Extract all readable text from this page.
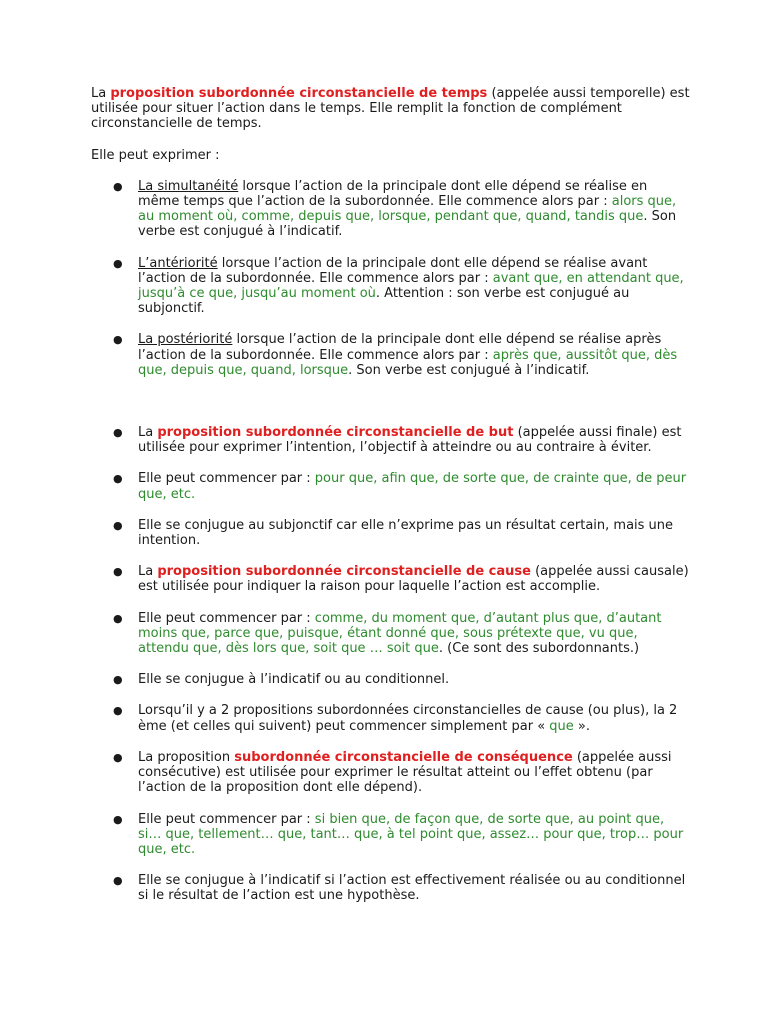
La proposition subordonnée circonstancielle de temps (appelée aussi temporelle) est utilisée pour situer l’action dans le temps. Elle remplit la fonction de complément circonstancielle de temps.

Elle peut exprimer :

● La simultanéité lorsque l’action de la principale dont elle dépend se réalise en même temps que l’action de la subordonnée. Elle commence alors par : alors que, au moment où, comme, depuis que, lorsque, pendant que, quand, tandis que. Son verbe est conjugué à l’indicatif.
● L’antériorité lorsque l’action de la principale dont elle dépend se réalise avant l’action de la subordonnée. Elle commence alors par : avant que, en attendant que, jusqu’à ce que, jusqu’au moment où. Attention : son verbe est conjugué au subjonctif.
● La postériorité lorsque l’action de la principale dont elle dépend se réalise après l’action de la subordonnée. Elle commence alors par : après que, aussitôt que, dès que, depuis que, quand, lorsque. Son verbe est conjugué à l’indicatif.
● La proposition subordonnée circonstancielle de but (appelée aussi finale) est utilisée pour exprimer l’intention, l’objectif à atteindre ou au contraire à éviter.
● Elle peut commencer par : pour que, afin que, de sorte que, de crainte que, de peur que, etc.
● Elle se conjugue au subjonctif car elle n’exprime pas un résultat certain, mais une intention.
● La proposition subordonnée circonstancielle de cause (appelée aussi causale) est utilisée pour indiquer la raison pour laquelle l’action est accomplie.
● Elle peut commencer par : comme, du moment que, d’autant plus que, d’autant moins que, parce que, puisque, étant donné que, sous prétexte que, vu que, attendu que, dès lors que, soit que … soit que. (Ce sont des subordonnants.)
● Elle se conjugue à l’indicatif ou au conditionnel.
● Lorsqu’il y a 2 propositions subordonnées circonstancielles de cause (ou plus), la 2 ème (et celles qui suivent) peut commencer simplement par « que ».
● La proposition subordonnée circonstancielle de conséquence (appelée aussi consécutive) est utilisée pour exprimer le résultat atteint ou l’effet obtenu (par l’action de la proposition dont elle dépend).
● Elle peut commencer par : si bien que, de façon que, de sorte que, au point que, si… que, tellement… que, tant… que, à tel point que, assez… pour que, trop… pour que, etc.
● Elle se conjugue à l’indicatif si l’action est effectivement réalisée ou au conditionnel si le résultat de l’action est une hypothèse.
